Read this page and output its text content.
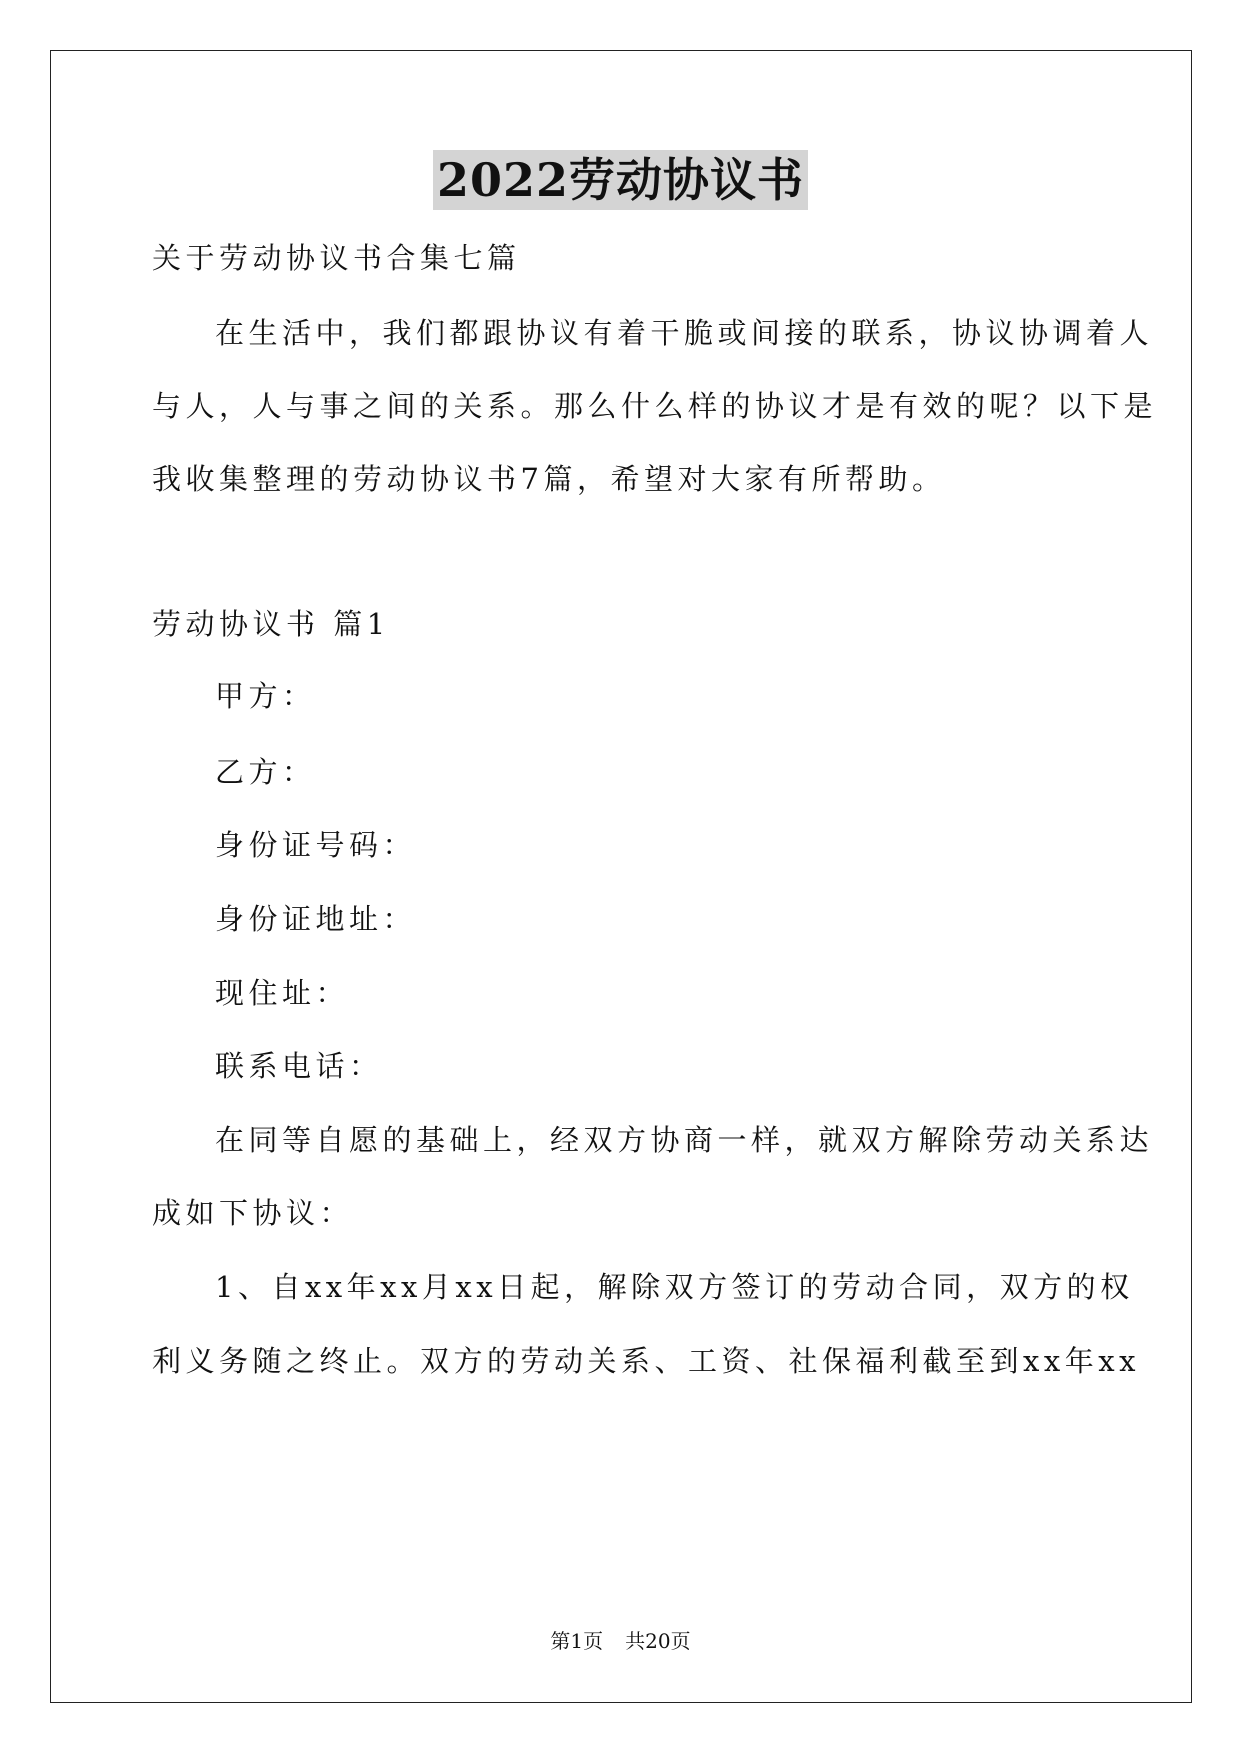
2022劳动协议书
关于劳动协议书合集七篇
在生活中，我们都跟协议有着干脆或间接的联系，协议协调着人
与人，人与事之间的关系。那么什么样的协议才是有效的呢？以下是
我收集整理的劳动协议书7篇，希望对大家有所帮助。
劳动协议书 篇1
甲方：
乙方：
身份证号码：
身份证地址：
现住址：
联系电话：
在同等自愿的基础上，经双方协商一样，就双方解除劳动关系达
成如下协议：
1、自xx年xx月xx日起，解除双方签订的劳动合同，双方的权
利义务随之终止。双方的劳动关系、工资、社保福利截至到xx年xx
第1页 共20页
